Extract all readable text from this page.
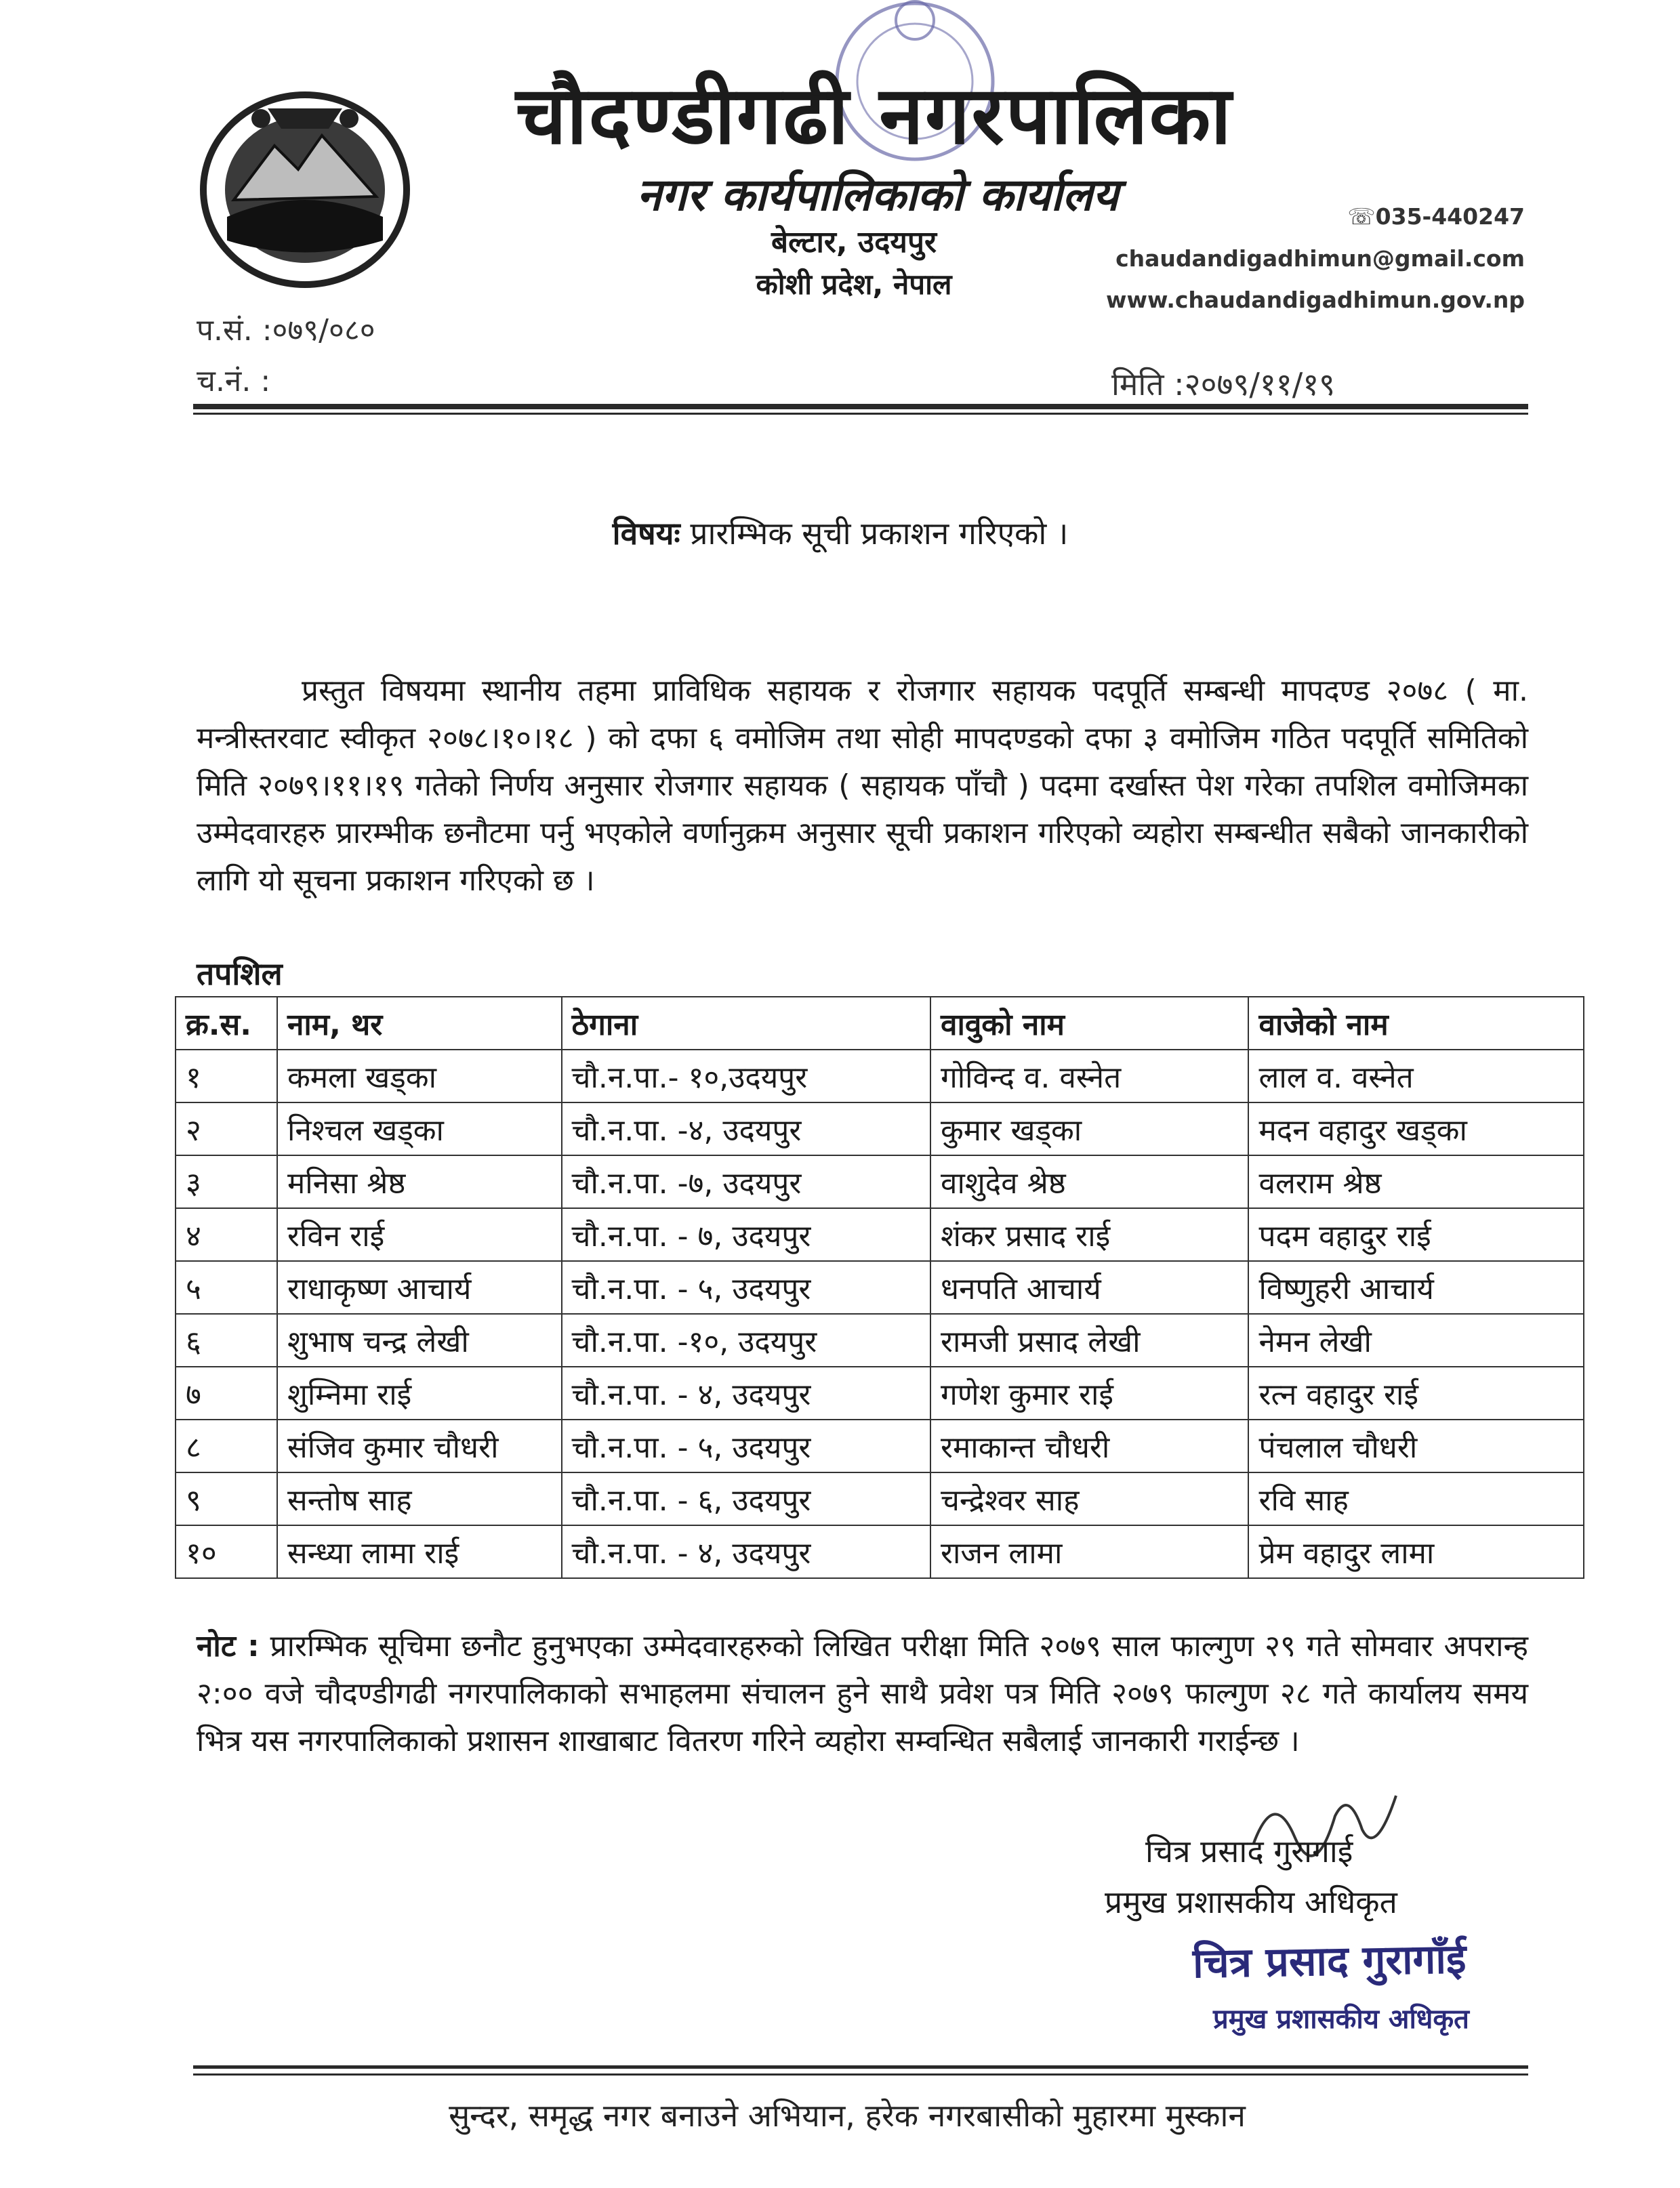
चौदण्डीगढी नगरपालिका
नगर कार्यपालिकाको कार्यालय
बेल्टार, उदयपुर
कोशी प्रदेश, नेपाल
☏035-440247
chaudandigadhimun@gmail.com
www.chaudandigadhimun.gov.np
प.सं. :०७९/०८०
च.नं. :	मिति :२०७९/११/१९
विषयः प्रारम्भिक सूची प्रकाशन गरिएको ।
प्रस्तुत विषयमा स्थानीय तहमा प्राविधिक सहायक र रोजगार सहायक पदपूर्ति सम्बन्धी मापदण्ड २०७८ ( मा. मन्त्रीस्तरवाट स्वीकृत २०७८।१०।१८ ) को दफा ६ वमोजिम तथा सोही मापदण्डको दफा ३ वमोजिम गठित पदपूर्ति समितिको मिति २०७९।११।१९ गतेको निर्णय अनुसार रोजगार सहायक ( सहायक पाँचौ ) पदमा दर्खास्त पेश गरेका तपशिल वमोजिमका उम्मेदवारहरु प्रारम्भीक छनौटमा पर्नु भएकोले वर्णानुक्रम अनुसार सूची प्रकाशन गरिएको व्यहोरा सम्बन्धीत सबैको जानकारीको लागि यो सूचना प्रकाशन गरिएको छ ।
तपशिल
क्र.स.	नाम, थर	ठेगाना	वावुको नाम	वाजेको नाम
१	कमला खड्का	चौ.न.पा.- १०,उदयपुर	गोविन्द व. वस्नेत	लाल व. वस्नेत
२	निश्चल खड्का	चौ.न.पा. -४, उदयपुर	कुमार खड्का	मदन वहादुर खड्का
३	मनिसा श्रेष्ठ	चौ.न.पा. -७, उदयपुर	वाशुदेव श्रेष्ठ	वलराम श्रेष्ठ
४	रविन राई	चौ.न.पा. - ७, उदयपुर	शंकर प्रसाद राई	पदम वहादुर राई
५	राधाकृष्ण आचार्य	चौ.न.पा. - ५, उदयपुर	धनपति आचार्य	विष्णुहरी आचार्य
६	शुभाष चन्द्र लेखी	चौ.न.पा. -१०, उदयपुर	रामजी प्रसाद लेखी	नेमन लेखी
७	शुम्निमा राई	चौ.न.पा. - ४, उदयपुर	गणेश कुमार राई	रत्न वहादुर राई
८	संजिव कुमार चौधरी	चौ.न.पा. - ५, उदयपुर	रमाकान्त चौधरी	पंचलाल चौधरी
९	सन्तोष साह	चौ.न.पा. - ६, उदयपुर	चन्द्रेश्वर साह	रवि साह
१०	सन्ध्या लामा राई	चौ.न.पा. - ४, उदयपुर	राजन लामा	प्रेम वहादुर लामा
नोट : प्रारम्भिक सूचिमा छनौट हुनुभएका उम्मेदवारहरुको लिखित परीक्षा मिति २०७९ साल फाल्गुण २९ गते सोमवार अपरान्ह २:०० वजे चौदण्डीगढी नगरपालिकाको सभाहलमा संचालन हुने साथै प्रवेश पत्र मिति २०७९ फाल्गुण २८ गते कार्यालय समय भित्र यस नगरपालिकाको प्रशासन शाखाबाट वितरण गरिने व्यहोरा सम्वन्धित सबैलाई जानकारी गराईन्छ ।
चित्र प्रसाद गुरागाई
प्रमुख प्रशासकीय अधिकृत
चित्र प्रसाद गुरागाँई
प्रमुख प्रशासकीय अधिकृत
सुन्दर, समृद्ध नगर बनाउने अभियान, हरेक नगरबासीको मुहारमा मुस्कान
